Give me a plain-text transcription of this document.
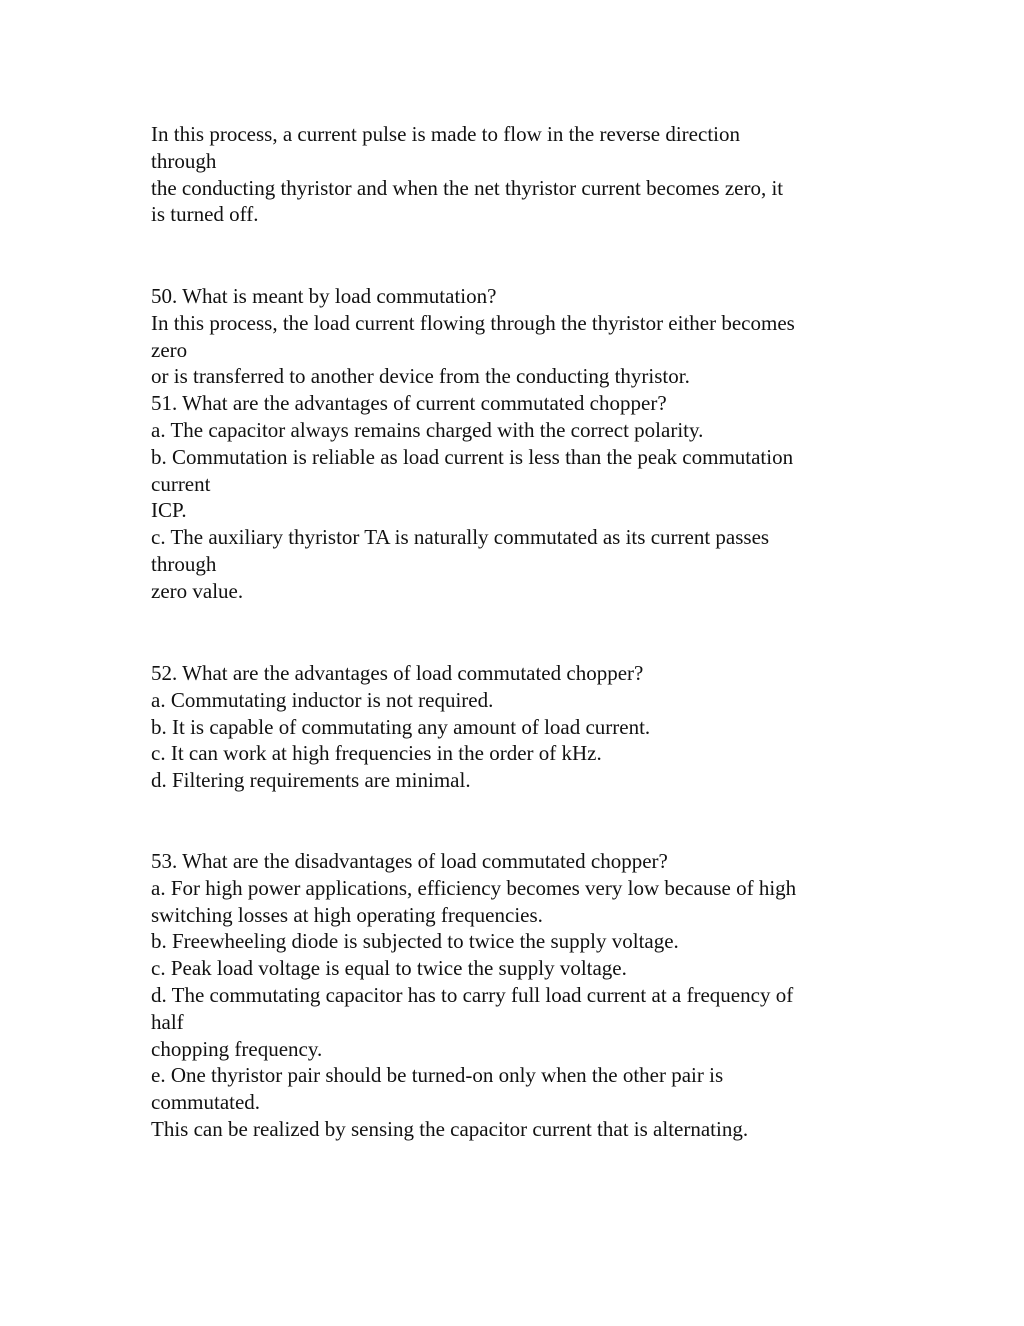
In this process, a current pulse is made to flow in the reverse direction
through
the conducting thyristor and when the net thyristor current becomes zero, it
is turned off.
50. What is meant by load commutation?
In this process, the load current flowing through the thyristor either becomes
zero
or is transferred to another device from the conducting thyristor.
51. What are the advantages of current commutated chopper?
a. The capacitor always remains charged with the correct polarity.
b. Commutation is reliable as load current is less than the peak commutation
current
ICP.
c. The auxiliary thyristor TA is naturally commutated as its current passes
through
zero value.
52. What are the advantages of load commutated chopper?
a. Commutating inductor is not required.
b. It is capable of commutating any amount of load current.
c. It can work at high frequencies in the order of kHz.
d. Filtering requirements are minimal.
53. What are the disadvantages of load commutated chopper?
a. For high power applications, efficiency becomes very low because of high
switching losses at high operating frequencies.
b. Freewheeling diode is subjected to twice the supply voltage.
c. Peak load voltage is equal to twice the supply voltage.
d. The commutating capacitor has to carry full load current at a frequency of
half
chopping frequency.
e. One thyristor pair should be turned-on only when the other pair is
commutated.
This can be realized by sensing the capacitor current that is alternating.
